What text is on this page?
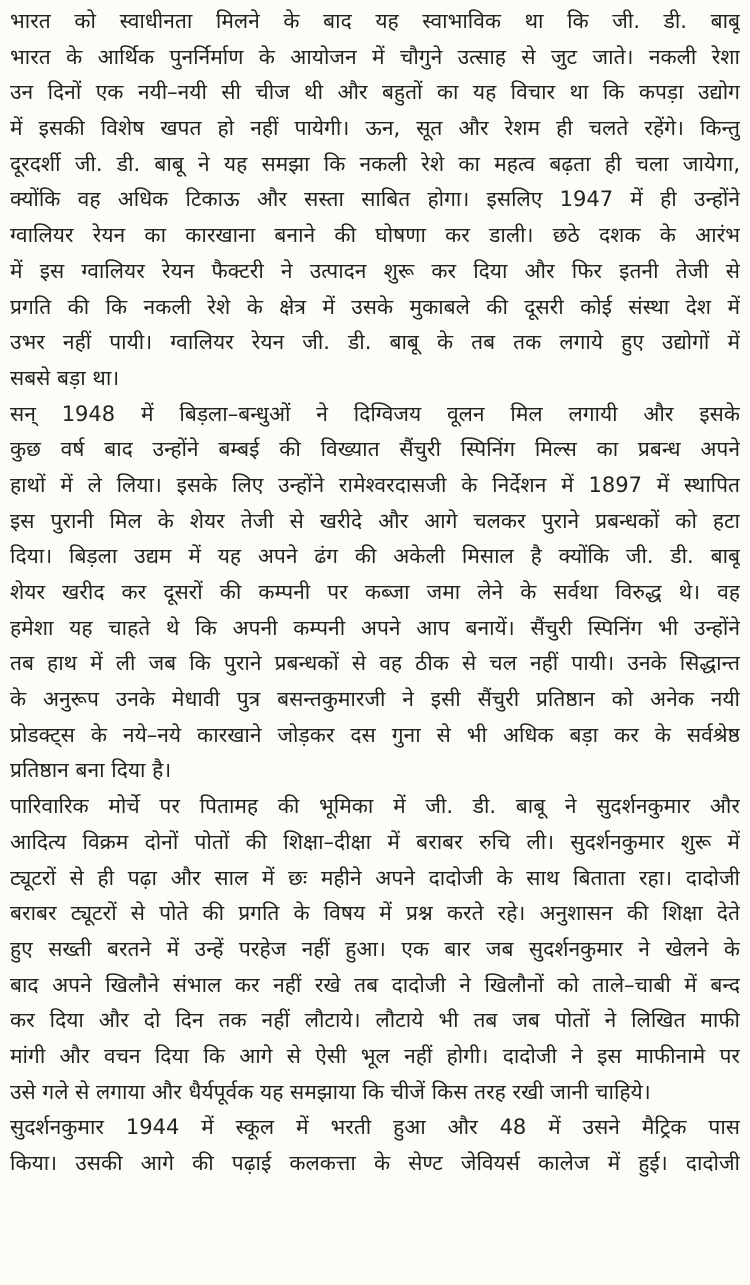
भारत को स्वाधीनता मिलने के बाद यह स्वाभाविक था कि जी. डी. बाबू
भारत के आर्थिक पुनर्निर्माण के आयोजन में चौगुने उत्साह से जुट जाते। नकली रेशा
उन दिनों एक नयी–नयी सी चीज थी और बहुतों का यह विचार था कि कपड़ा उद्योग
में इसकी विशेष खपत हो नहीं पायेगी। ऊन, सूत और रेशम ही चलते रहेंगे। किन्तु
दूरदर्शी जी. डी. बाबू ने यह समझा कि नकली रेशे का महत्व बढ़ता ही चला जायेगा,
क्योंकि वह अधिक टिकाऊ और सस्ता साबित होगा। इसलिए 1947 में ही उन्होंने
ग्वालियर रेयन का कारखाना बनाने की घोषणा कर डाली। छठे दशक के आरंभ
में इस ग्वालियर रेयन फैक्टरी ने उत्पादन शुरू कर दिया और फिर इतनी तेजी से
प्रगति की कि नकली रेशे के क्षेत्र में उसके मुकाबले की दूसरी कोई संस्था देश में
उभर नहीं पायी। ग्वालियर रेयन जी. डी. बाबू के तब तक लगाये हुए उद्योगों में
सबसे बड़ा था।
सन् 1948 में बिड़ला–बन्धुओं ने दिग्विजय वूलन मिल लगायी और इसके
कुछ वर्ष बाद उन्होंने बम्बई की विख्यात सैंचुरी स्पिनिंग मिल्स का प्रबन्ध अपने
हाथों में ले लिया। इसके लिए उन्होंने रामेश्वरदासजी के निर्देशन में 1897 में स्थापित
इस पुरानी मिल के शेयर तेजी से खरीदे और आगे चलकर पुराने प्रबन्धकों को हटा
दिया। बिड़ला उद्यम में यह अपने ढंग की अकेली मिसाल है क्योंकि जी. डी. बाबू
शेयर खरीद कर दूसरों की कम्पनी पर कब्जा जमा लेने के सर्वथा विरुद्ध थे। वह
हमेशा यह चाहते थे कि अपनी कम्पनी अपने आप बनायें। सैंचुरी स्पिनिंग भी उन्होंने
तब हाथ में ली जब कि पुराने प्रबन्धकों से वह ठीक से चल नहीं पायी। उनके सिद्धान्त
के अनुरूप उनके मेधावी पुत्र बसन्तकुमारजी ने इसी सैंचुरी प्रतिष्ठान को अनेक नयी
प्रोडक्ट्स के नये–नये कारखाने जोड़कर दस गुना से भी अधिक बड़ा कर के सर्वश्रेष्ठ
प्रतिष्ठान बना दिया है।
पारिवारिक मोर्चे पर पितामह की भूमिका में जी. डी. बाबू ने सुदर्शनकुमार और
आदित्य विक्रम दोनों पोतों की शिक्षा–दीक्षा में बराबर रुचि ली। सुदर्शनकुमार शुरू में
ट्यूटरों से ही पढ़ा और साल में छः महीने अपने दादोजी के साथ बिताता रहा। दादोजी
बराबर ट्यूटरों से पोते की प्रगति के विषय में प्रश्न करते रहे। अनुशासन की शिक्षा देते
हुए सख्ती बरतने में उन्हें परहेज नहीं हुआ। एक बार जब सुदर्शनकुमार ने खेलने के
बाद अपने खिलौने संभाल कर नहीं रखे तब दादोजी ने खिलौनों को ताले–चाबी में बन्द
कर दिया और दो दिन तक नहीं लौटाये। लौटाये भी तब जब पोतों ने लिखित माफी
मांगी और वचन दिया कि आगे से ऐसी भूल नहीं होगी। दादोजी ने इस माफीनामे पर
उसे गले से लगाया और धैर्यपूर्वक यह समझाया कि चीजें किस तरह रखी जानी चाहिये।
सुदर्शनकुमार 1944 में स्कूल में भरती हुआ और 48 में उसने मैट्रिक पास
किया। उसकी आगे की पढ़ाई कलकत्ता के सेण्ट जेवियर्स कालेज में हुई। दादोजी
